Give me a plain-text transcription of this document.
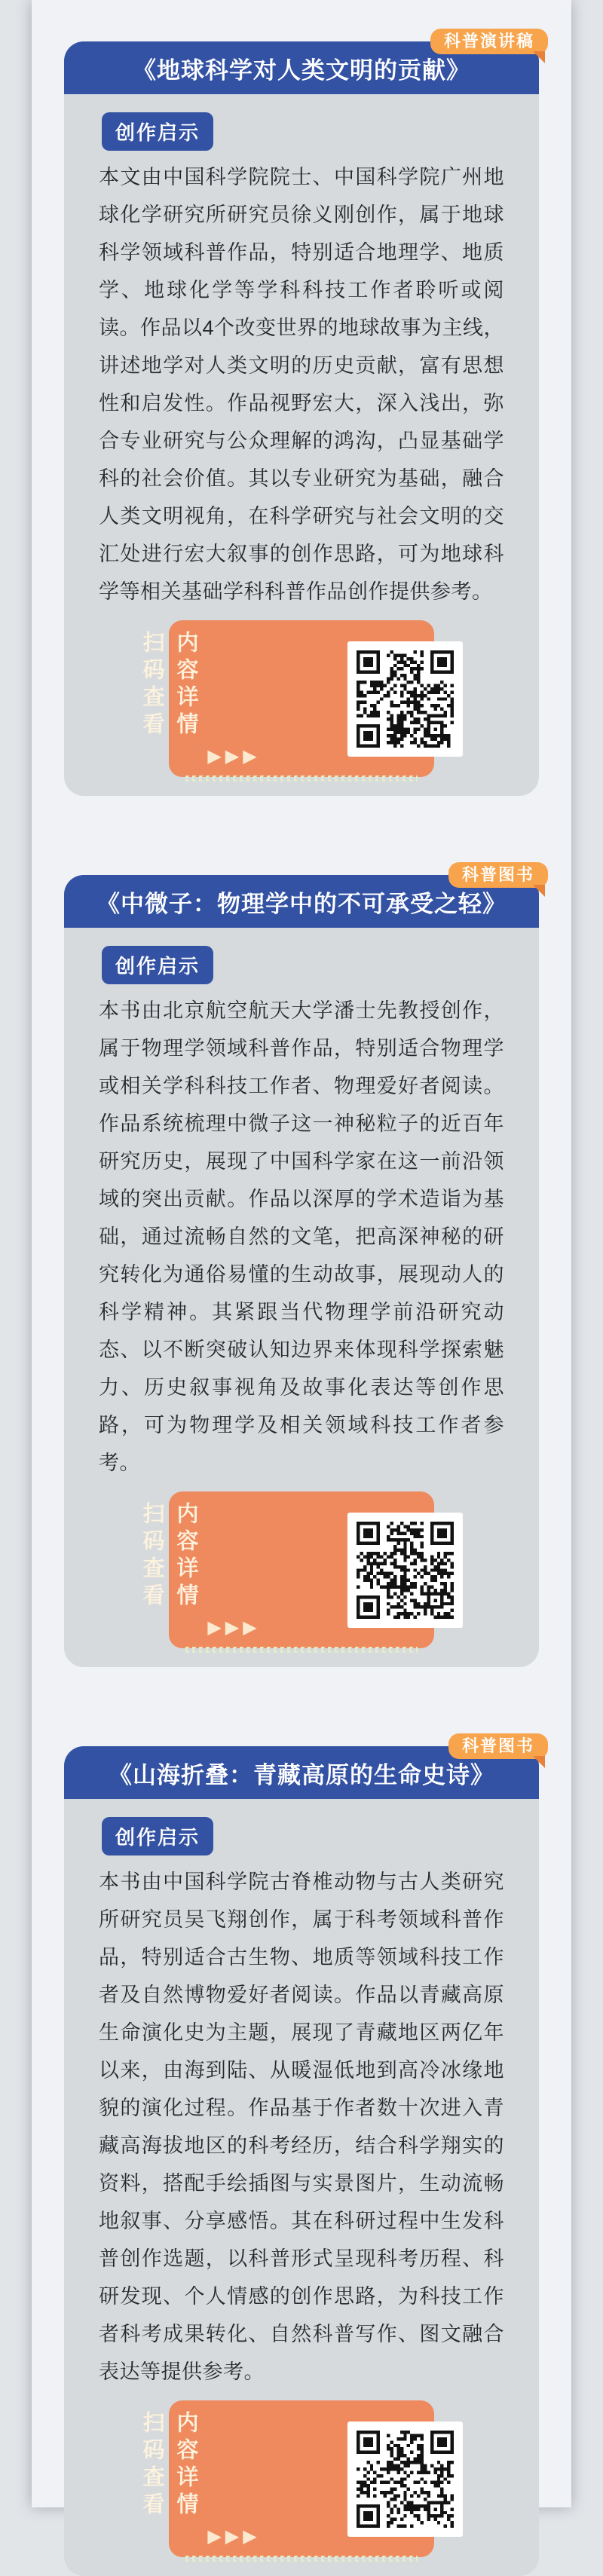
科普演讲稿
《地球科学对人类文明的贡献》
创作启示

本文由中国科学院院士、中国科学院广州地球化学研究所研究员徐义刚创作，属于地球科学领域科普作品，特别适合地理学、地质学、地球化学等学科科技工作者聆听或阅读。作品以4个改变世界的地球故事为主线，讲述地学对人类文明的历史贡献，富有思想性和启发性。作品视野宏大，深入浅出，弥合专业研究与公众理解的鸿沟，凸显基础学科的社会价值。其以专业研究为基础，融合人类文明视角，在科学研究与社会文明的交汇处进行宏大叙事的创作思路，可为地球科学等相关基础学科科普作品创作提供参考。

扫码查看 内容详情
▶▶▶
科普图书
《中微子：物理学中的不可承受之轻》
创作启示

本书由北京航空航天大学潘士先教授创作，属于物理学领域科普作品，特别适合物理学或相关学科科技工作者、物理爱好者阅读。作品系统梳理中微子这一神秘粒子的近百年研究历史，展现了中国科学家在这一前沿领域的突出贡献。作品以深厚的学术造诣为基础，通过流畅自然的文笔，把高深神秘的研究转化为通俗易懂的生动故事，展现动人的科学精神。其紧跟当代物理学前沿研究动态、以不断突破认知边界来体现科学探索魅力、历史叙事视角及故事化表达等创作思路，可为物理学及相关领域科技工作者参考。

扫码查看 内容详情
▶▶▶
科普图书
《山海折叠：青藏高原的生命史诗》
创作启示

本书由中国科学院古脊椎动物与古人类研究所研究员吴飞翔创作，属于科考领域科普作品，特别适合古生物、地质等领域科技工作者及自然博物爱好者阅读。作品以青藏高原生命演化史为主题，展现了青藏地区两亿年以来，由海到陆、从暖湿低地到高冷冰缘地貌的演化过程。作品基于作者数十次进入青藏高海拔地区的科考经历，结合科学翔实的资料，搭配手绘插图与实景图片，生动流畅地叙事、分享感悟。其在科研过程中生发科普创作选题，以科普形式呈现科考历程、科研发现、个人情感的创作思路，为科技工作者科考成果转化、自然科普写作、图文融合表达等提供参考。

扫码查看 内容详情
▶▶▶
